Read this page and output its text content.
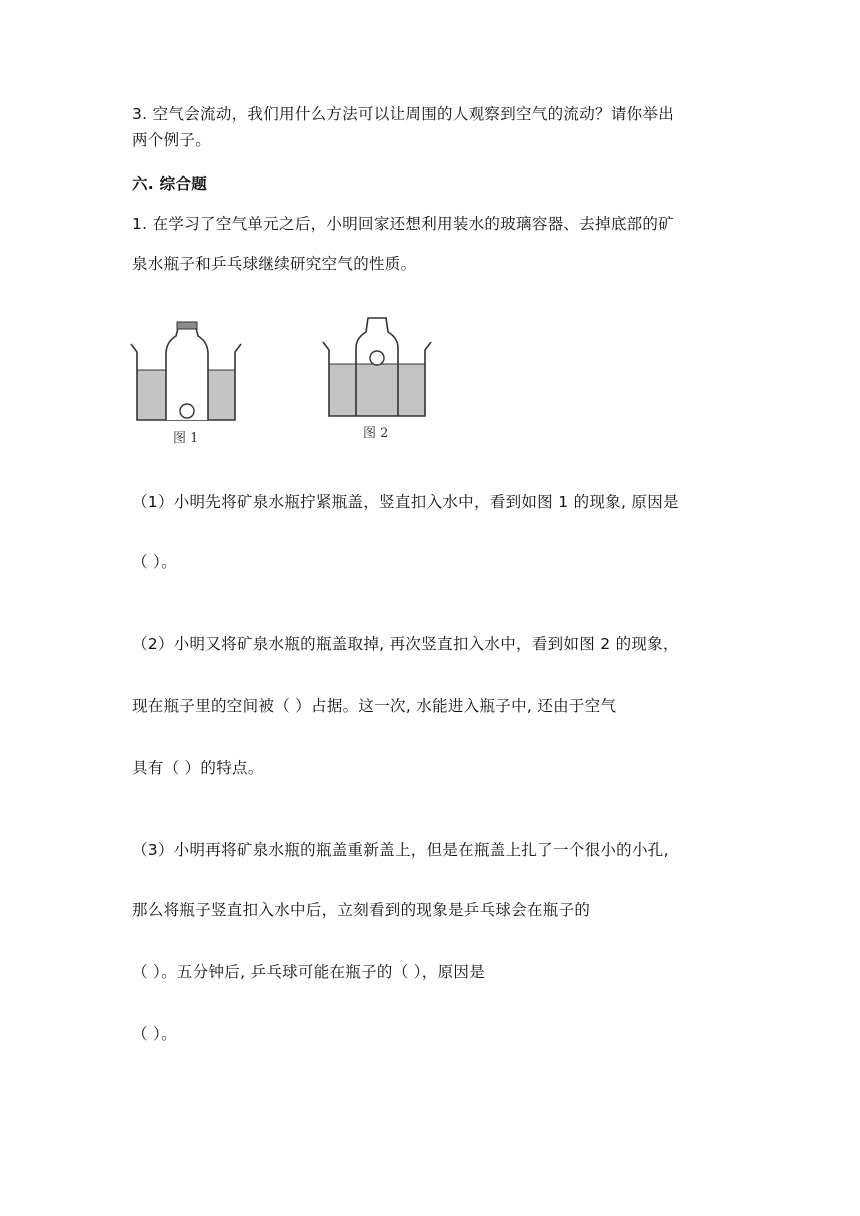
3. 空气会流动，我们用什么方法可以让周围的人观察到空气的流动？请你举出

两个例子。

六. 综合题

1. 在学习了空气单元之后，小明回家还想利用装水的玻璃容器、去掉底部的矿

泉水瓶子和乒乓球继续研究空气的性质。

图 1	图 2

（1）小明先将矿泉水瓶拧紧瓶盖，竖直扣入水中，看到如图 1 的现象, 原因是

（ ）。

（2）小明又将矿泉水瓶的瓶盖取掉, 再次竖直扣入水中，看到如图 2 的现象，

现在瓶子里的空间被（ ）占据。这一次, 水能进入瓶子中, 还由于空气

具有（ ）的特点。

（3）小明再将矿泉水瓶的瓶盖重新盖上，但是在瓶盖上扎了一个很小的小孔,

那么将瓶子竖直扣入水中后，立刻看到的现象是乒乓球会在瓶子的

（ ）。五分钟后, 乒乓球可能在瓶子的（ ），原因是

（ ）。
